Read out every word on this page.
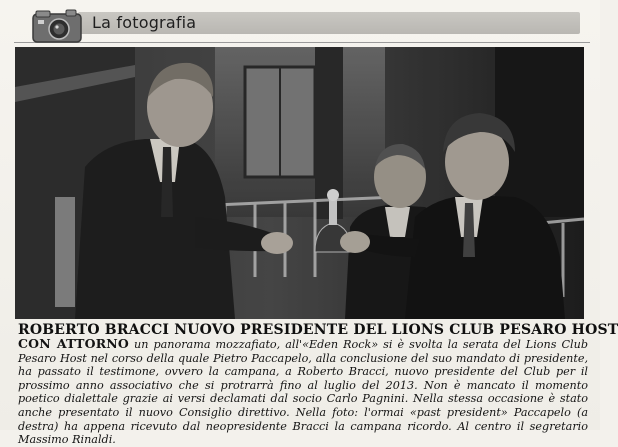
La fotografia
ROBERTO BRACCI NUOVO PRESIDENTE DEL LIONS CLUB PESARO HOST
CON ATTORNO un panorama mozzafiato, all'«Eden Rock» si è svolta la serata del Lions Club Pesaro Host nel corso della quale Pietro Paccapelo, alla conclusione del suo mandato di presidente, ha passato il testimone, ovvero la campana, a Roberto Bracci, nuovo presidente del Club per il prossimo anno associativo che si protrarrà fino al luglio del 2013. Non è mancato il momento poetico dialettale grazie ai versi declamati dal socio Carlo Pagnini. Nella stessa occasione è stato anche presentato il nuovo Consiglio direttivo. Nella foto: l'ormai «past president» Paccapelo (a destra) ha appena ricevuto dal neopresidente Bracci la campana ricordo. Al centro il segretario Massimo Rinaldi.
